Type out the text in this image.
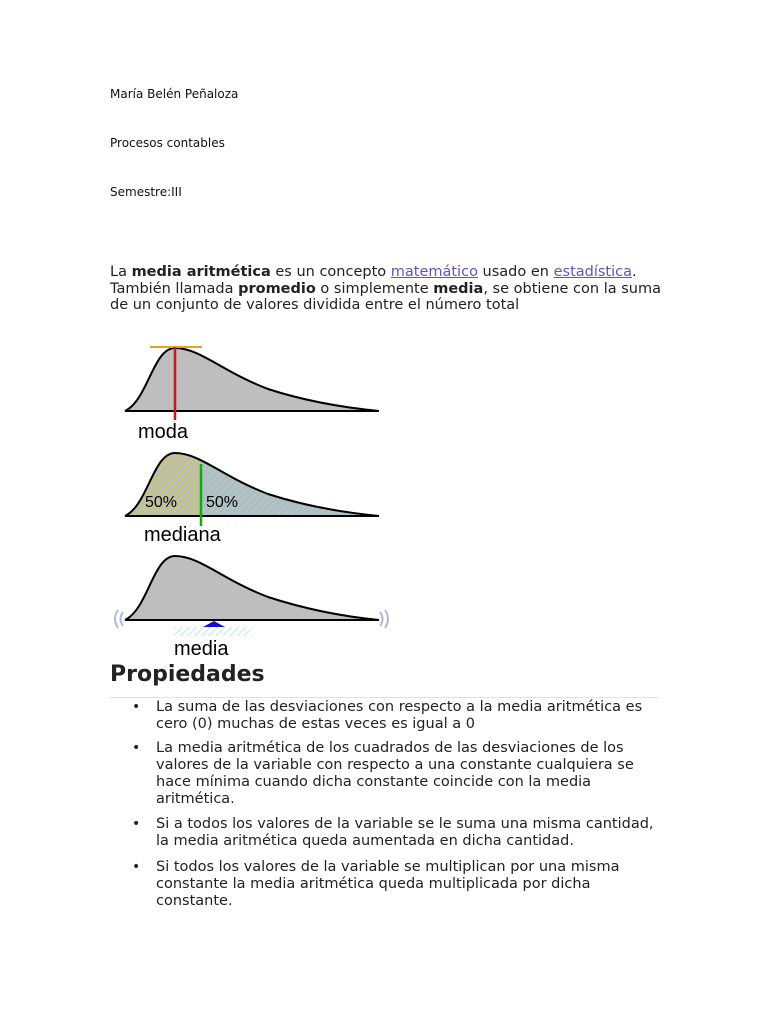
María Belén Peñaloza
Procesos contables
Semestre:III

La media aritmética es un concepto matemático usado en estadística. También llamada promedio o simplemente media, se obtiene con la suma de un conjunto de valores dividida entre el número total

moda
50% 50%
mediana
media
Propiedades
• La suma de las desviaciones con respecto a la media aritmética es cero (0) muchas de estas veces es igual a 0
• La media aritmética de los cuadrados de las desviaciones de los valores de la variable con respecto a una constante cualquiera se hace mínima cuando dicha constante coincide con la media aritmética.
• Si a todos los valores de la variable se le suma una misma cantidad, la media aritmética queda aumentada en dicha cantidad.
• Si todos los valores de la variable se multiplican por una misma constante la media aritmética queda multiplicada por dicha constante.
